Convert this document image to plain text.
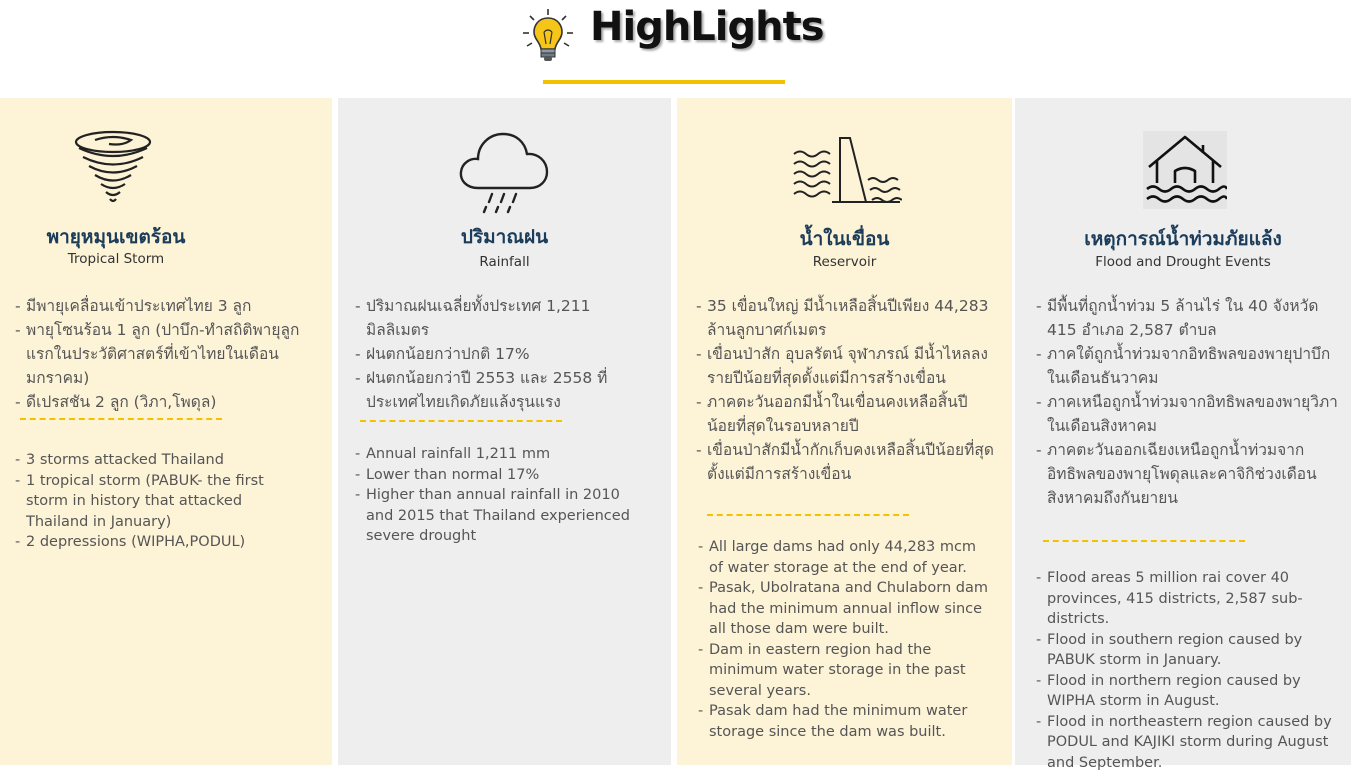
HighLights
พายุหมุนเขตร้อน
Tropical Storm
- มีพายุเคลื่อนเข้าประเทศไทย 3 ลูก
- พายุโซนร้อน 1 ลูก (ปาบึก-ทำสถิติพายุลูกแรกในประวัติศาสตร์ที่เข้าไทยในเดือนมกราคม)
- ดีเปรสชัน 2 ลูก (วิภา,โพดุล)
- 3 storms attacked Thailand
- 1 tropical storm (PABUK- the first storm in history that attacked Thailand in January)
- 2 depressions (WIPHA,PODUL)
ปริมาณฝน
Rainfall
- ปริมาณฝนเฉลี่ยทั้งประเทศ 1,211 มิลลิเมตร
- ฝนตกน้อยกว่าปกติ 17%
- ฝนตกน้อยกว่าปี 2553 และ 2558 ที่ประเทศไทยเกิดภัยแล้งรุนแรง
- Annual rainfall 1,211 mm
- Lower than normal 17%
- Higher than annual rainfall in 2010 and 2015 that Thailand experienced severe drought
น้ำในเขื่อน
Reservoir
- 35 เขื่อนใหญ่ มีน้ำเหลือสิ้นปีเพียง 44,283 ล้านลูกบาศก์เมตร
- เขื่อนป่าสัก อุบลรัตน์ จุฬาภรณ์ มีน้ำไหลลงรายปีน้อยที่สุดตั้งแต่มีการสร้างเขื่อน
- ภาคตะวันออกมีน้ำในเขื่อนคงเหลือสิ้นปีน้อยที่สุดในรอบหลายปี
- เขื่อนป่าสักมีน้ำกักเก็บคงเหลือสิ้นปีน้อยที่สุดตั้งแต่มีการสร้างเขื่อน
- All large dams had only 44,283 mcm of water storage at the end of year.
- Pasak, Ubolratana and Chulaborn dam had the minimum annual inflow since all those dam were built.
- Dam in eastern region had the minimum water storage in the past several years.
- Pasak dam had the minimum water storage since the dam was built.
เหตุการณ์น้ำท่วมภัยแล้ง
Flood and Drought Events
- มีพื้นที่ถูกน้ำท่วม 5 ล้านไร่ ใน 40 จังหวัด 415 อำเภอ 2,587 ตำบล
- ภาคใต้ถูกน้ำท่วมจากอิทธิพลของพายุปาบึกในเดือนธันวาคม
- ภาคเหนือถูกน้ำท่วมจากอิทธิพลของพายุวิภาในเดือนสิงหาคม
- ภาคตะวันออกเฉียงเหนือถูกน้ำท่วมจากอิทธิพลของพายุโพดุลและคาจิกิช่วงเดือนสิงหาคมถึงกันยายน
- Flood areas 5 million rai cover 40 provinces, 415 districts, 2,587 sub-districts.
- Flood in southern region caused by PABUK storm in January.
- Flood in northern region caused by WIPHA storm in August.
- Flood in northeastern region caused by PODUL and KAJIKI storm during August and September.
